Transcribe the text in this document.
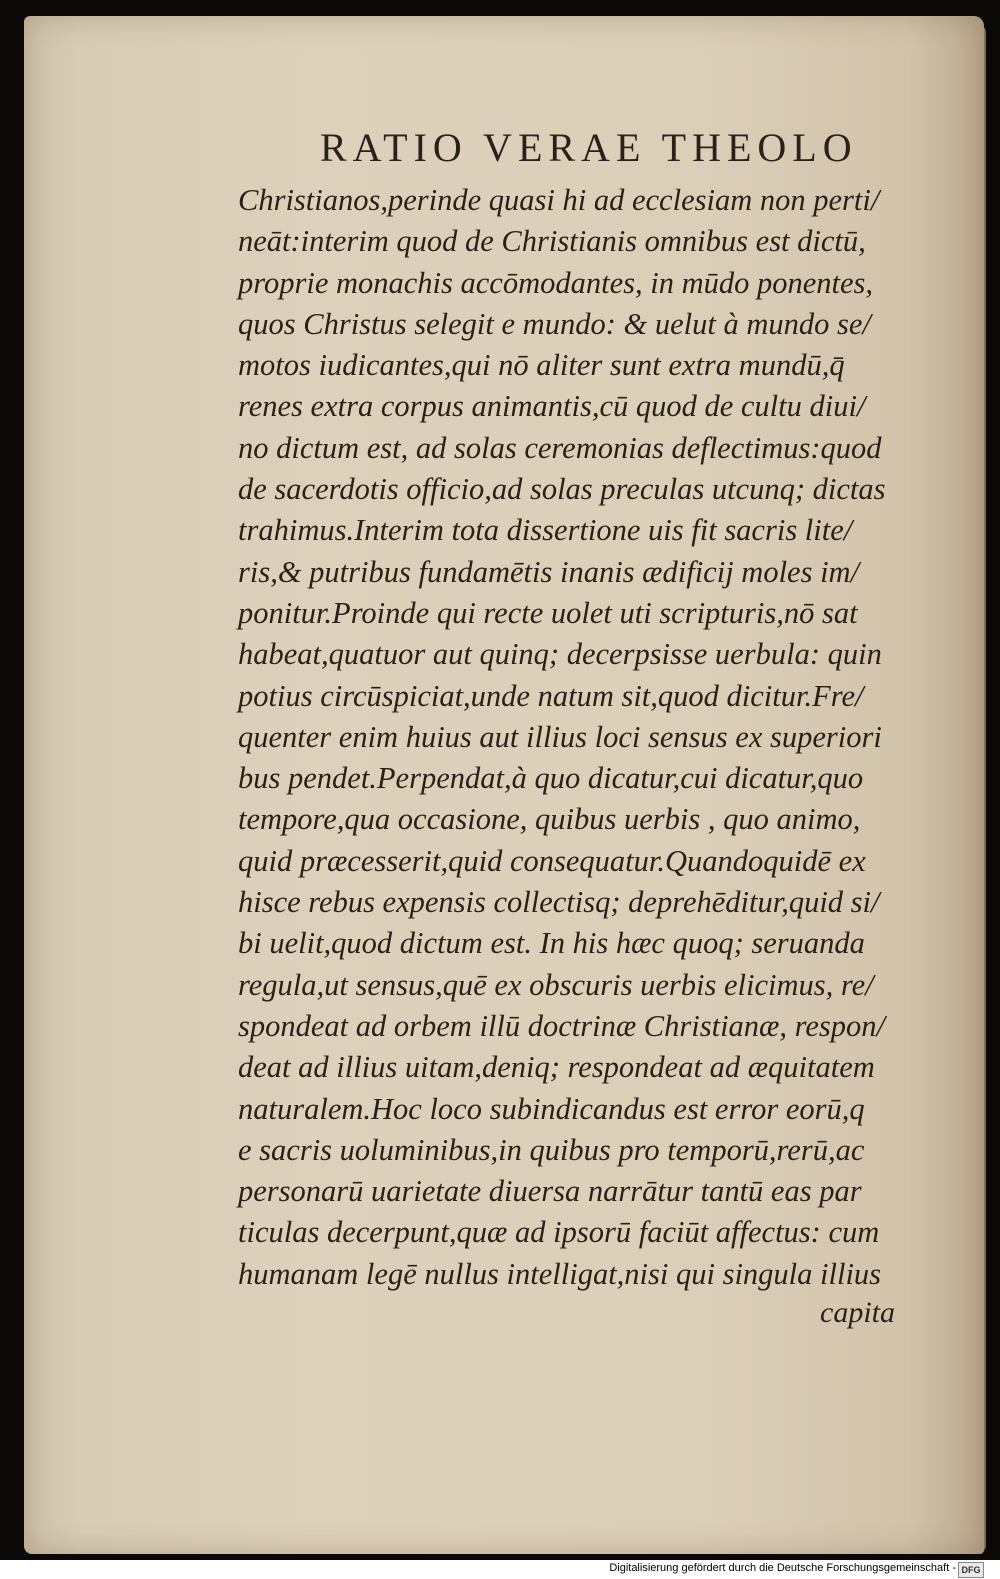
RATIO VERAE THEOLO
Christianos,perinde quasi hi ad ecclesiam non perti/
neāt:interim quod de Christianis omnibus est dictū,
proprie monachis accōmodantes, in mūdo ponentes,
quos Christus selegit e mundo: & uelut à mundo se/
motos iudicantes,qui nō aliter sunt extra mundū,q̄
renes extra corpus animantis,cū quod de cultu diui/
no dictum est, ad solas ceremonias deflectimus:quod
de sacerdotis officio,ad solas preculas utcunq; dictas
trahimus.Interim tota dissertione uis fit sacris lite/
ris,& putribus fundamētis inanis ædificij moles im/
ponitur.Proinde qui recte uolet uti scripturis,nō sat
habeat,quatuor aut quinq; decerpsisse uerbula: quin
potius circūspiciat,unde natum sit,quod dicitur.Fre/
quenter enim huius aut illius loci sensus ex superiori
bus pendet.Perpendat,à quo dicatur,cui dicatur,quo
tempore,qua occasione, quibus uerbis , quo animo,
quid præcesserit,quid consequatur.Quandoquidē ex
hisce rebus expensis collectisq; deprehēditur,quid si/
bi uelit,quod dictum est. In his hæc quoq; seruanda
regula,ut sensus,quē ex obscuris uerbis elicimus, re/
spondeat ad orbem illū doctrinæ Christianæ, respon/
deat ad illius uitam,deniq; respondeat ad æquitatem
naturalem.Hoc loco subindicandus est error eorū,q
e sacris uoluminibus,in quibus pro temporū,rerū,ac
personarū uarietate diuersa narrātur tantū eas par
ticulas decerpunt,quæ ad ipsorū faciūt affectus: cum
humanam legē nullus intelligat,nisi qui singula illius
capita
Digitalisierung gefördert durch die Deutsche Forschungsgemeinschaft - DFG
